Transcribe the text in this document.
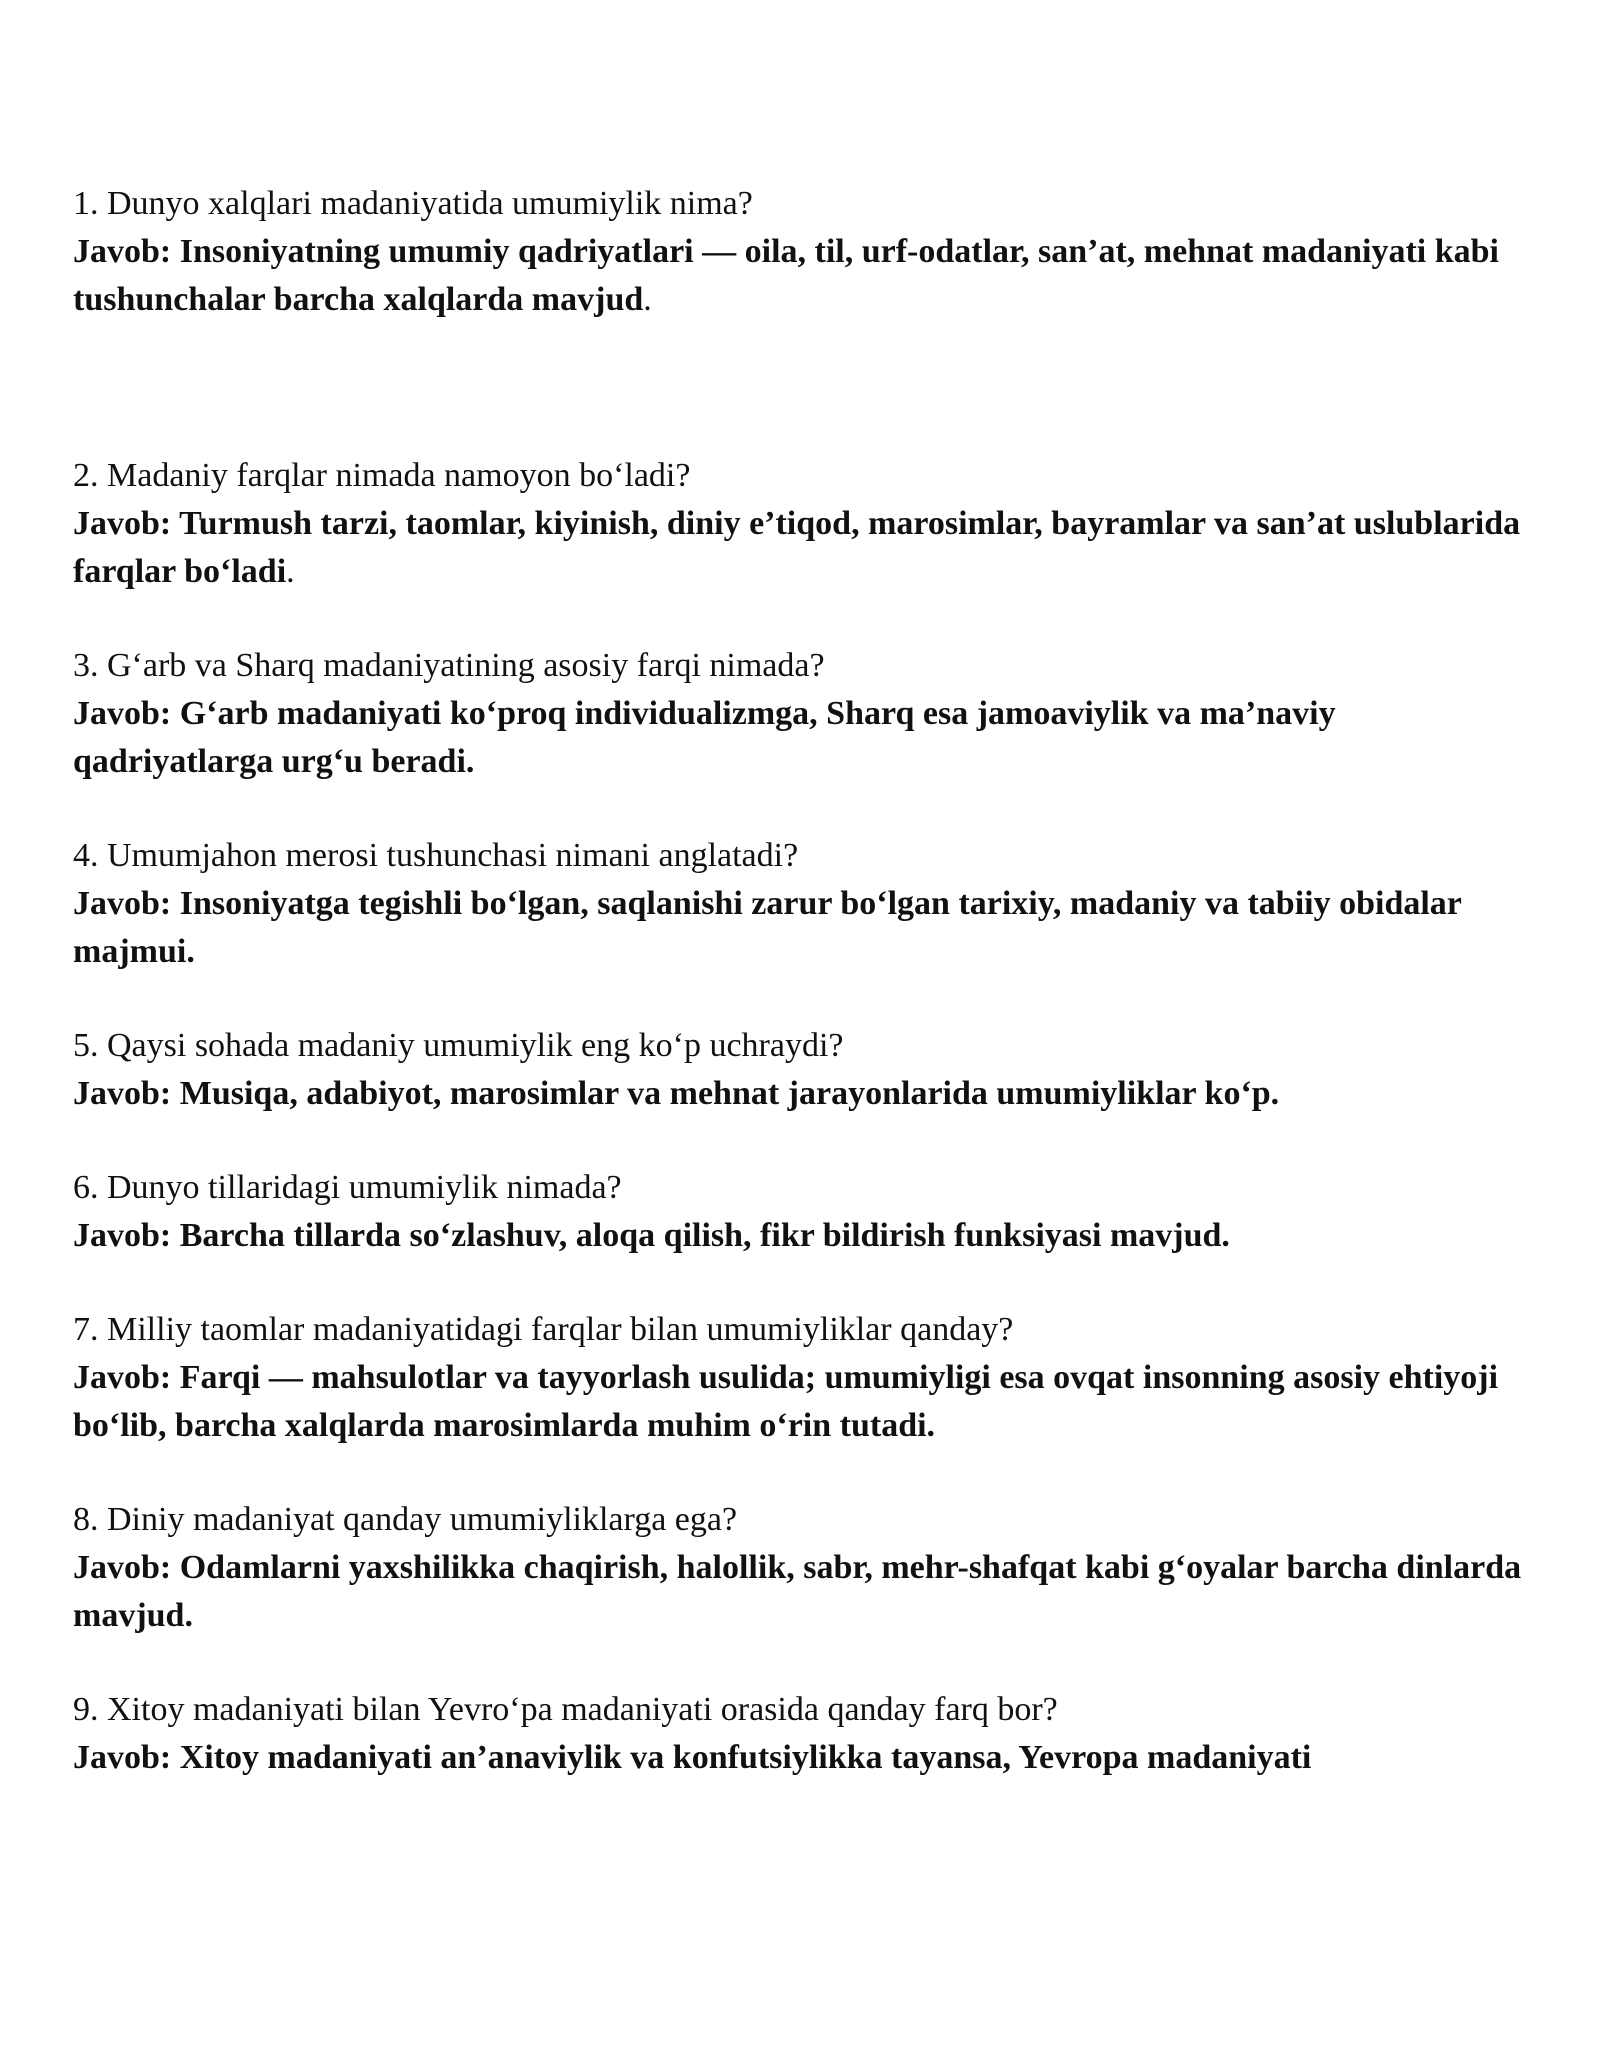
1. Dunyo xalqlari madaniyatida umumiylik nima?

Javob: Insoniyatning umumiy qadriyatlari — oila, til, urf-odatlar, san’at, mehnat madaniyati kabi tushunchalar barcha xalqlarda mavjud.

2. Madaniy farqlar nimada namoyon bo‘ladi?

Javob: Turmush tarzi, taomlar, kiyinish, diniy e’tiqod, marosimlar, bayramlar va san’at uslublarida farqlar bo‘ladi.

3. G‘arb va Sharq madaniyatining asosiy farqi nimada?

Javob: G‘arb madaniyati ko‘proq individualizmga, Sharq esa jamoaviylik va ma’naviy qadriyatlarga urg‘u beradi.

4. Umumjahon merosi tushunchasi nimani anglatadi?

Javob: Insoniyatga tegishli bo‘lgan, saqlanishi zarur bo‘lgan tarixiy, madaniy va tabiiy obidalar majmui.

5. Qaysi sohada madaniy umumiylik eng ko‘p uchraydi?

Javob: Musiqa, adabiyot, marosimlar va mehnat jarayonlarida umumiyliklar ko‘p.

6. Dunyo tillaridagi umumiylik nimada?

Javob: Barcha tillarda so‘zlashuv, aloqa qilish, fikr bildirish funksiyasi mavjud.

7. Milliy taomlar madaniyatidagi farqlar bilan umumiyliklar qanday?

Javob: Farqi — mahsulotlar va tayyorlash usulida; umumiyligi esa ovqat insonning asosiy ehtiyoji bo‘lib, barcha xalqlarda marosimlarda muhim o‘rin tutadi.

8. Diniy madaniyat qanday umumiyliklarga ega?

Javob: Odamlarni yaxshilikka chaqirish, halollik, sabr, mehr-shafqat kabi g‘oyalar barcha dinlarda mavjud.

9. Xitoy madaniyati bilan Yevro‘pa madaniyati orasida qanday farq bor?

Javob: Xitoy madaniyati an’anaviylik va konfutsiylikka tayansa, Yevropa madaniyati
